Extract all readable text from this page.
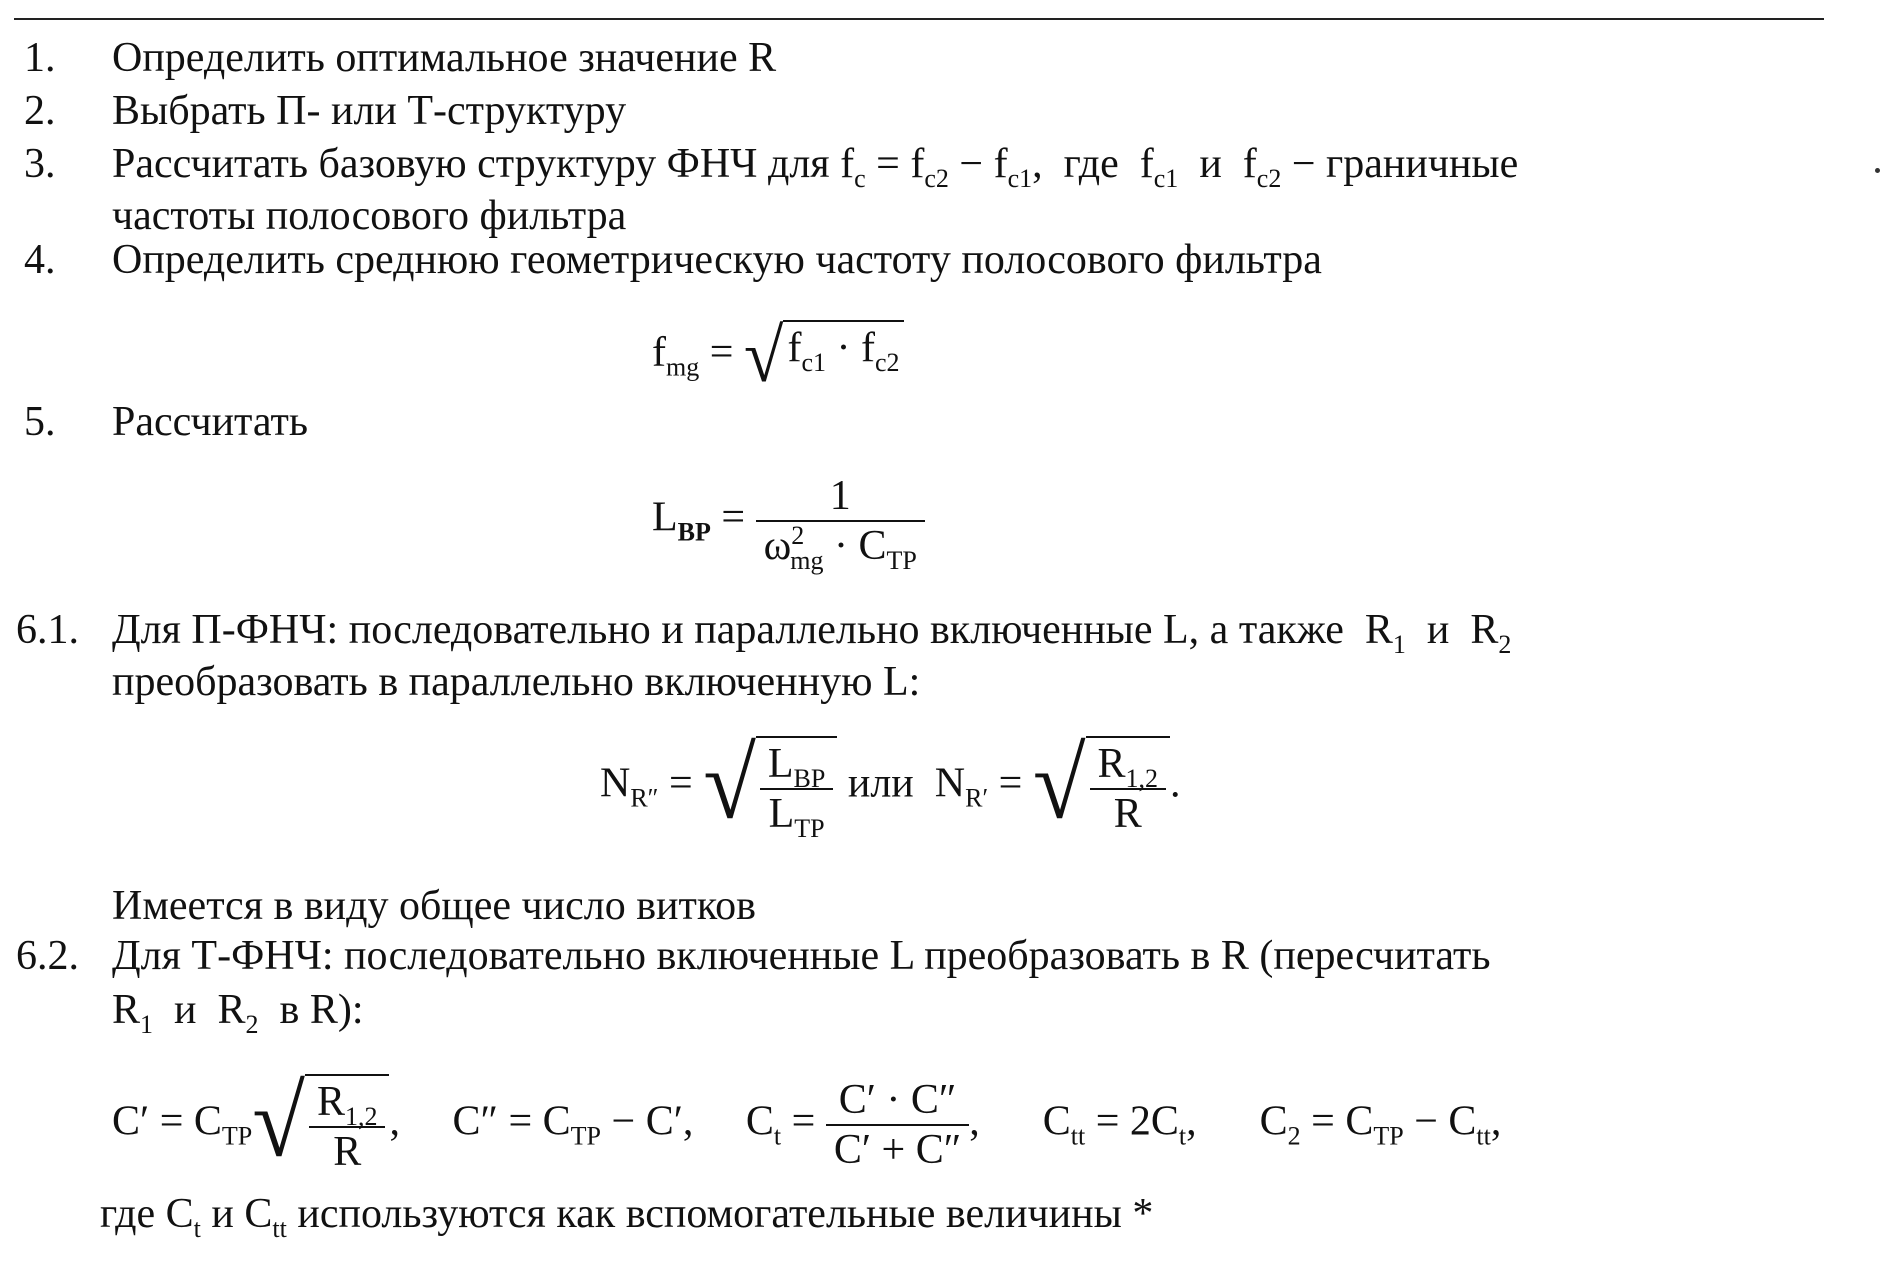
1. Определить оптимальное значение R
2. Выбрать П- или Т-структуру
3. Рассчитать базовую структуру ФНЧ для $f_c = f_{c2} - f_{c1}$,  где  $f_{c1}$  и  $f_{c2}$ − граничные
частоты полосового фильтра
4. Определить среднюю геометрическую частоту полосового фильтра
$f_{mg} = √f_{c1} \cdot f_{c2}$
5. Рассчитать
$L_{BP} = \frac{1}{\omega^2_{mg} \cdot C_{TP}}$
6.1. Для П-ФНЧ: последовательно и параллельно включенные L, а также  $R_1$  и  $R_2$
преобразовать в параллельно включенную L:
$N_{R''}$ = √ $\frac{L_{BP}}{L_{TP}}$ или  $N_{R'}$ = √ $\frac{R_{1,2}}{R}$ .
Имеется в виду общее число витков
6.2. Для Т-ФНЧ: последовательно включенные L преобразовать в R (пересчитать
$R_1$  и  $R_2$ в R):
$C' = C_{TP}√ \frac{R_{1,2}}{R}$ ,     $C'' = C_{TP} - C'$,     $C_t = \frac{C' \cdot C''}{C' + C''}$ ,      $C_{tt} = 2C_t$,      $C_2 = C_{TP} - C_{tt}$,
где $C_t$ и $C_{tt}$ используются как вспомогательные величины *
